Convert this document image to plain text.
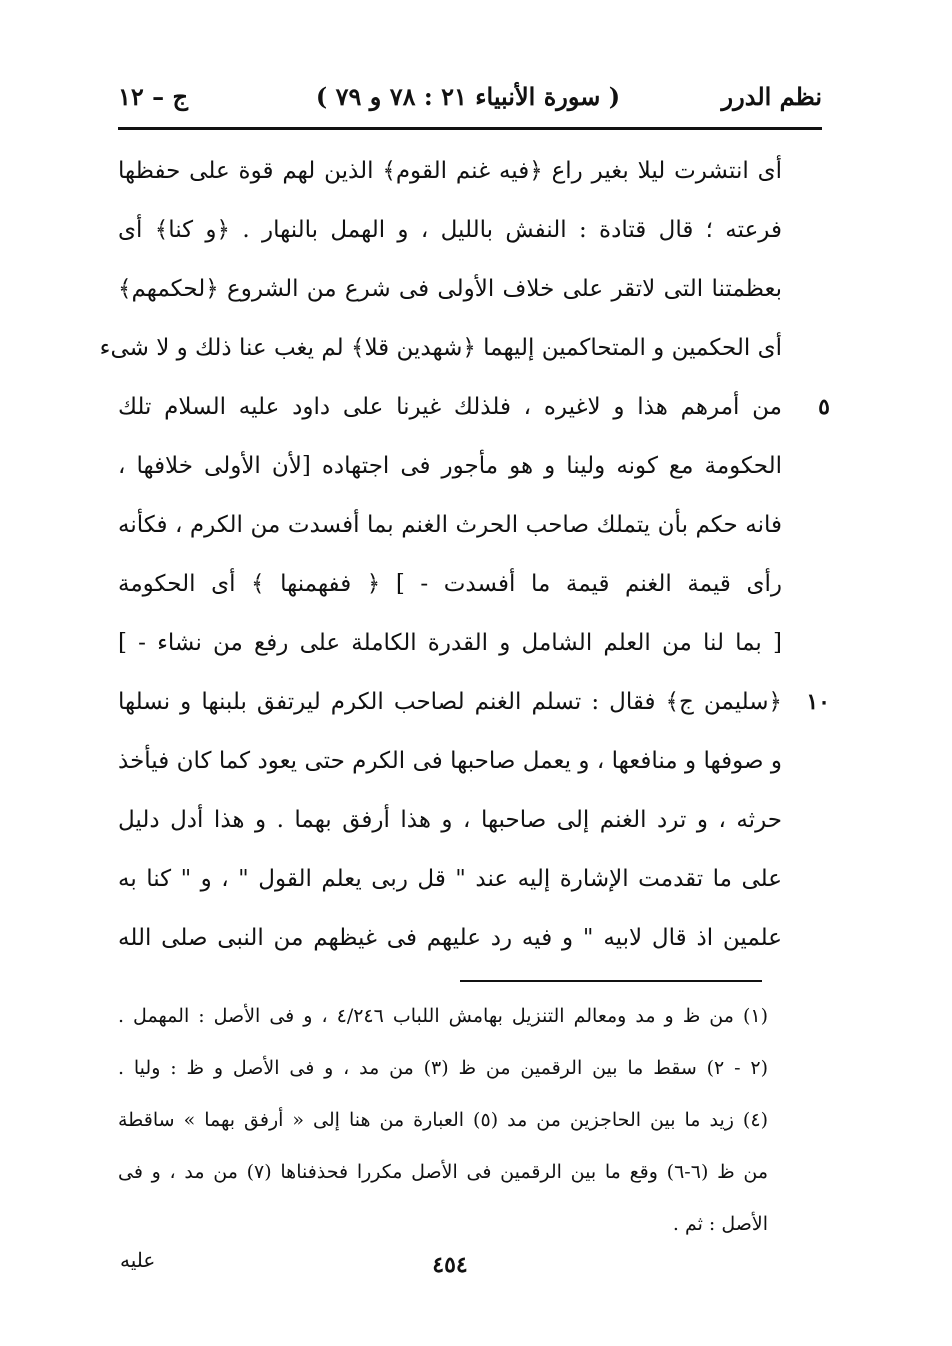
نظم الدرر
( سورة الأنبياء ٢١ : ٧٨ و ٧٩ )
ج – ١٢
أى انتشرت ليلا بغير راع ﴿فيه غنم القوم﴾ الذين لهم قوة على حفظها
فرعته ؛ قال قتادة : النفش بالليل ، و الهمل بالنهار . ﴿و كنا﴾ أى
بعظمتنا التى لاتقر على خلاف الأولى فى شرع من الشروع ﴿لحكمهم﴾
أى الحكمين و المتحاكمين إليهما ﴿شهدين قلا﴾ لم يغب عنا ذلك و لا شىء
٥
من أمرهم هذا و لاغيره ، فلذلك غيرنا على داود عليه السلام تلك
الحكومة مع كونه ولينا و هو مأجور فى اجتهاده [لأن الأولى خلافها ،
فانه حكم بأن يتملك صاحب الحرث الغنم بما أفسدت من الكرم ، فكأنه
رأى قيمة الغنم قيمة ما أفسدت - ] ﴿ ففهمنها ﴾ أى الحكومة
[ بما لنا من العلم الشامل و القدرة الكاملة على رفع من نشاء - ]
١٠
﴿سليمن ج﴾ فقال : تسلم الغنم لصاحب الكرم ليرتفق بلبنها و نسلها
و صوفها و منافعها ، و يعمل صاحبها فى الكرم حتى يعود كما كان فيأخذ
حرثه ، و ترد الغنم إلى صاحبها ، و هذا أرفق بهما . و هذا أدل دليل
على ما تقدمت الإشارة إليه عند " قل ربى يعلم القول " ، و " كنا به
علمين اذ قال لابيه " و فيه رد عليهم فى غيظهم من النبى صلى الله
(١) من ظ و مد ومعالم التنزيل بهامش اللباب ٤/٢٤٦ ، و فى الأصل : المهمل .
(٢ - ٢) سقط ما بين الرقمين من ظ (٣) من مد ، و فى الأصل و ظ : وليا .
(٤) زيد ما بين الحاجزين من مد (٥) العبارة من هنا إلى « أرفق بهما » ساقطة
من ظ (٦-٦) وقع ما بين الرقمين فى الأصل مكررا فحذفناها (٧) من مد ، و فى
الأصل : ثم .
عليه	٤٥٤
